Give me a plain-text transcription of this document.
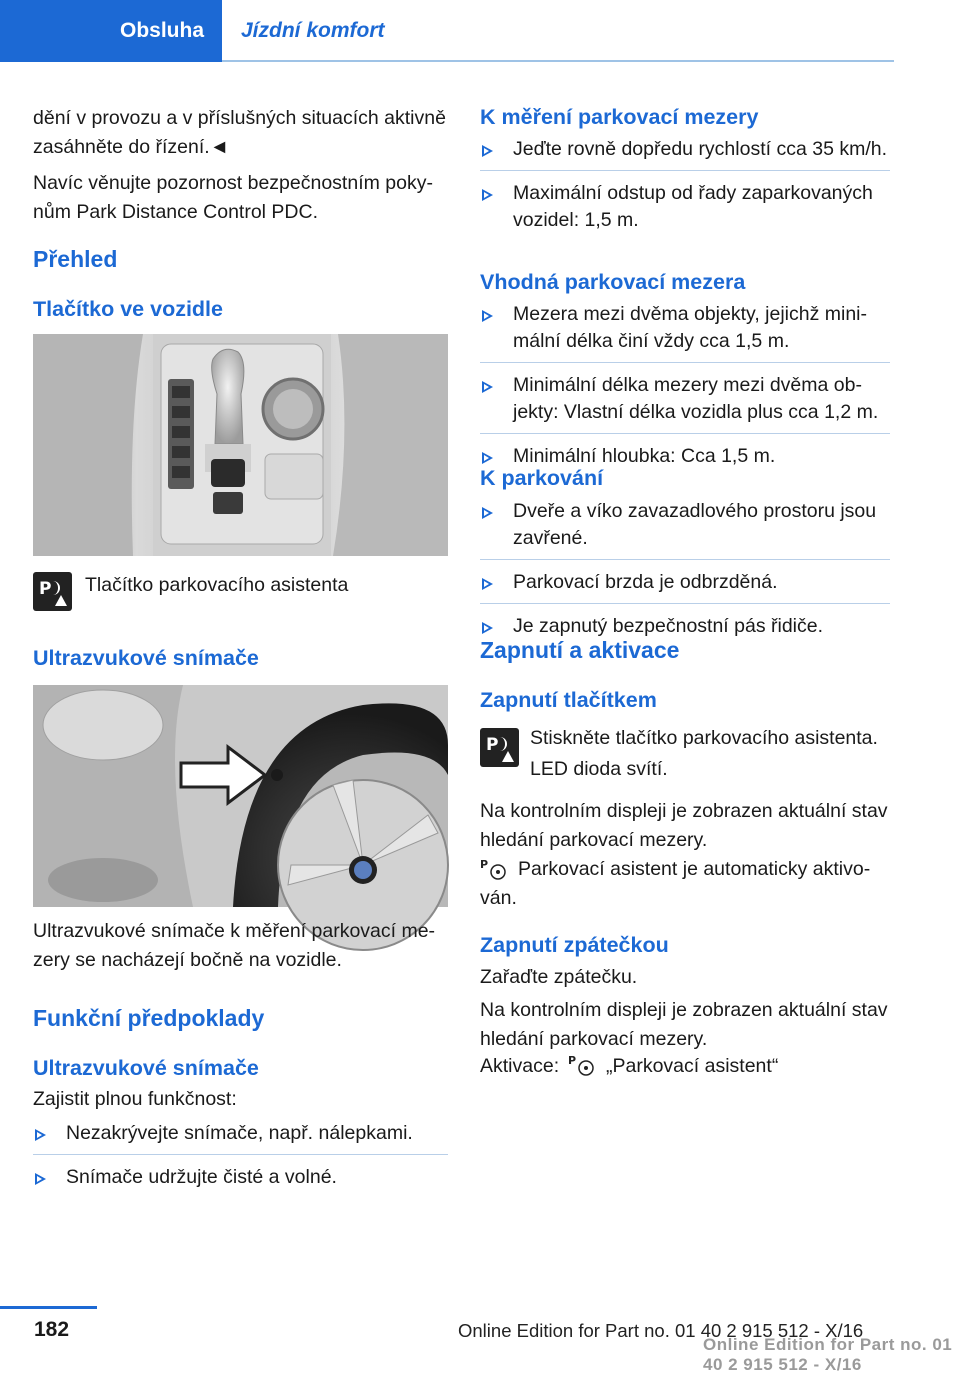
Obsluha	Jízdní komfort

dění v provozu a v příslušných situacích aktivně zasáhněte do řízení.◄

Navíc věnujte pozornost bezpečnostním poky‐nům Park Distance Control PDC.

Přehled
Tlačítko ve vozidle
P Tlačítko parkovacího asistenta
Ultrazvukové snímače

Ultrazvukové snímače k měření parkovací me‐zery se nacházejí bočně na vozidle.

Funkční předpoklady
Ultrazvukové snímače

Zajistit plnou funkčnost:

Nezakrývejte snímače, např. nálepkami.
Snímače udržujte čisté a volné.
K měření parkovací mezery
Jeďte rovně dopředu rychlostí cca 35 km/h.
Maximální odstup od řady zaparkovaných vozidel: 1,5 m.
Vhodná parkovací mezera
Mezera mezi dvěma objekty, jejichž mini‐mální délka činí vždy cca 1,5 m.
Minimální délka mezery mezi dvěma ob‐jekty: Vlastní délka vozidla plus cca 1,2 m.
Minimální hloubka: Cca 1,5 m.
K parkování
Dveře a víko zavazadlového prostoru jsou zavřené.
Parkovací brzda je odbrzděná.
Je zapnutý bezpečnostní pás řidiče.
Zapnutí a aktivace
Zapnutí tlačítkem
P Stiskněte tlačítko parkovacího asistenta.

LED dioda svítí.

Na kontrolním displeji je zobrazen aktuální stav hledání parkovací mezery.

P	Parkovací asistent je automaticky aktivo‐ván.

Zapnutí zpátečkou

Zařaďte zpátečku.

Na kontrolním displeji je zobrazen aktuální stav hledání parkovací mezery.

Aktivace: P „Parkovací asistent“
182	Online Edition for Part no. 01 40 2 915 512 - X/16
Online Edition for Part no. 01 40 2 915 512 - X/16
